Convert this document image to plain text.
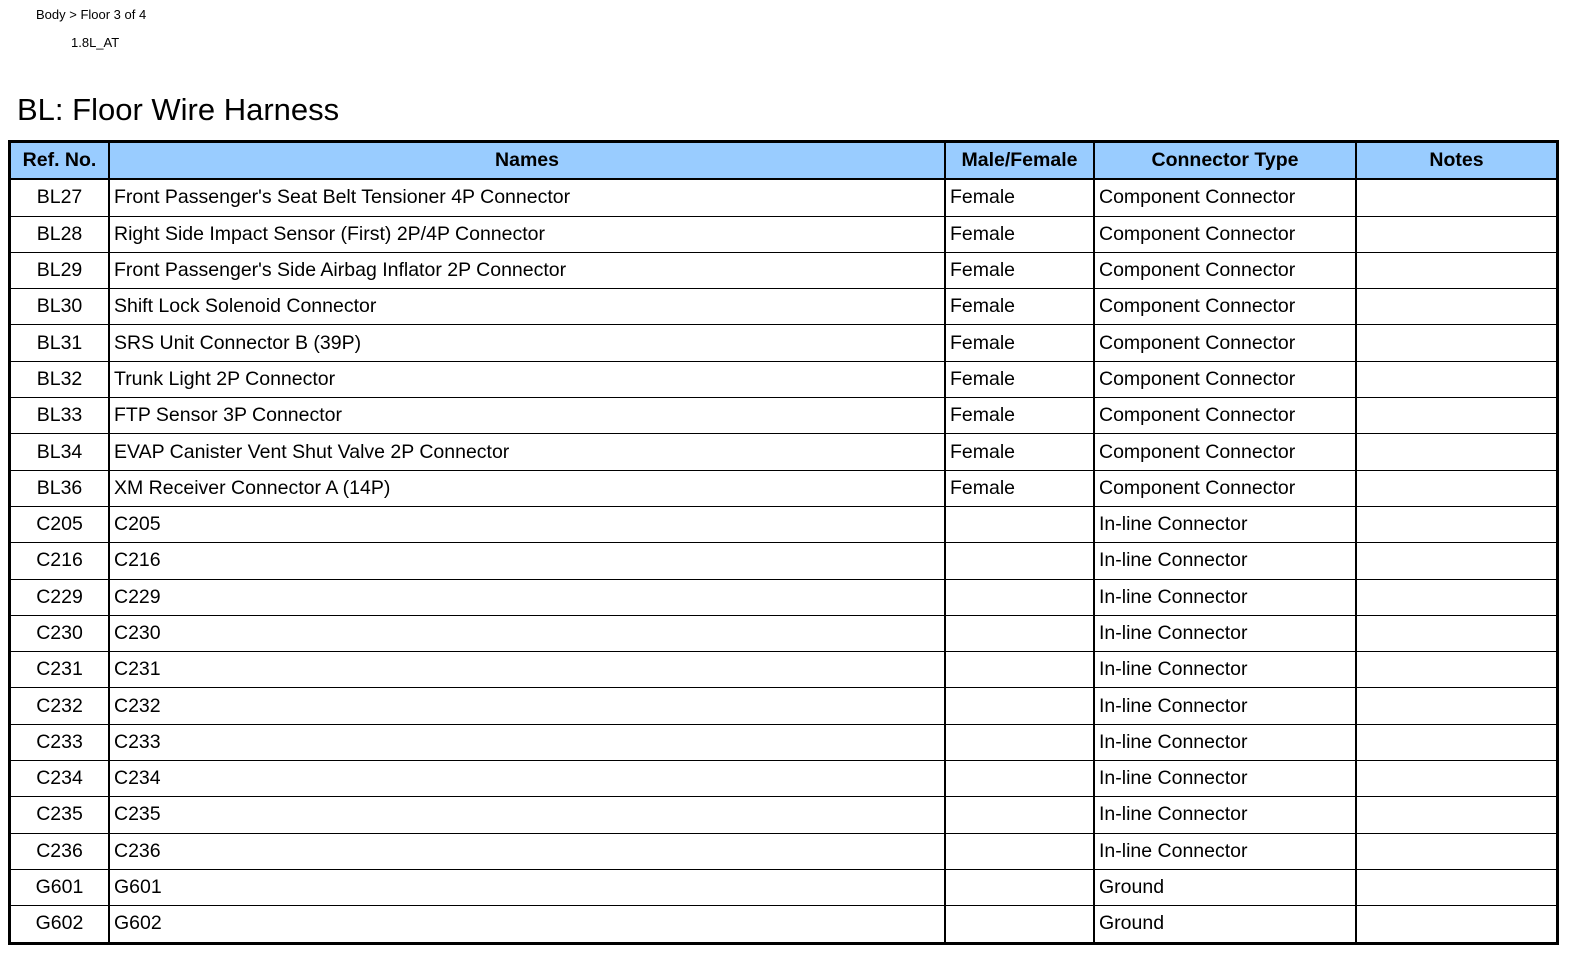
Body > Floor 3 of 4
1.8L_AT
BL: Floor Wire Harness
Ref. No.	Names	Male/Female	Connector Type	Notes
BL27	Front Passenger's Seat Belt Tensioner 4P Connector	Female	Component Connector	
BL28	Right Side Impact Sensor (First) 2P/4P Connector	Female	Component Connector	
BL29	Front Passenger's Side Airbag Inflator 2P Connector	Female	Component Connector	
BL30	Shift Lock Solenoid Connector	Female	Component Connector	
BL31	SRS Unit Connector B (39P)	Female	Component Connector	
BL32	Trunk Light 2P Connector	Female	Component Connector	
BL33	FTP Sensor 3P Connector	Female	Component Connector	
BL34	EVAP Canister Vent Shut Valve 2P Connector	Female	Component Connector	
BL36	XM Receiver Connector A (14P)	Female	Component Connector	
C205	C205		In-line Connector	
C216	C216		In-line Connector	
C229	C229		In-line Connector	
C230	C230		In-line Connector	
C231	C231		In-line Connector	
C232	C232		In-line Connector	
C233	C233		In-line Connector	
C234	C234		In-line Connector	
C235	C235		In-line Connector	
C236	C236		In-line Connector	
G601	G601		Ground	
G602	G602		Ground	
